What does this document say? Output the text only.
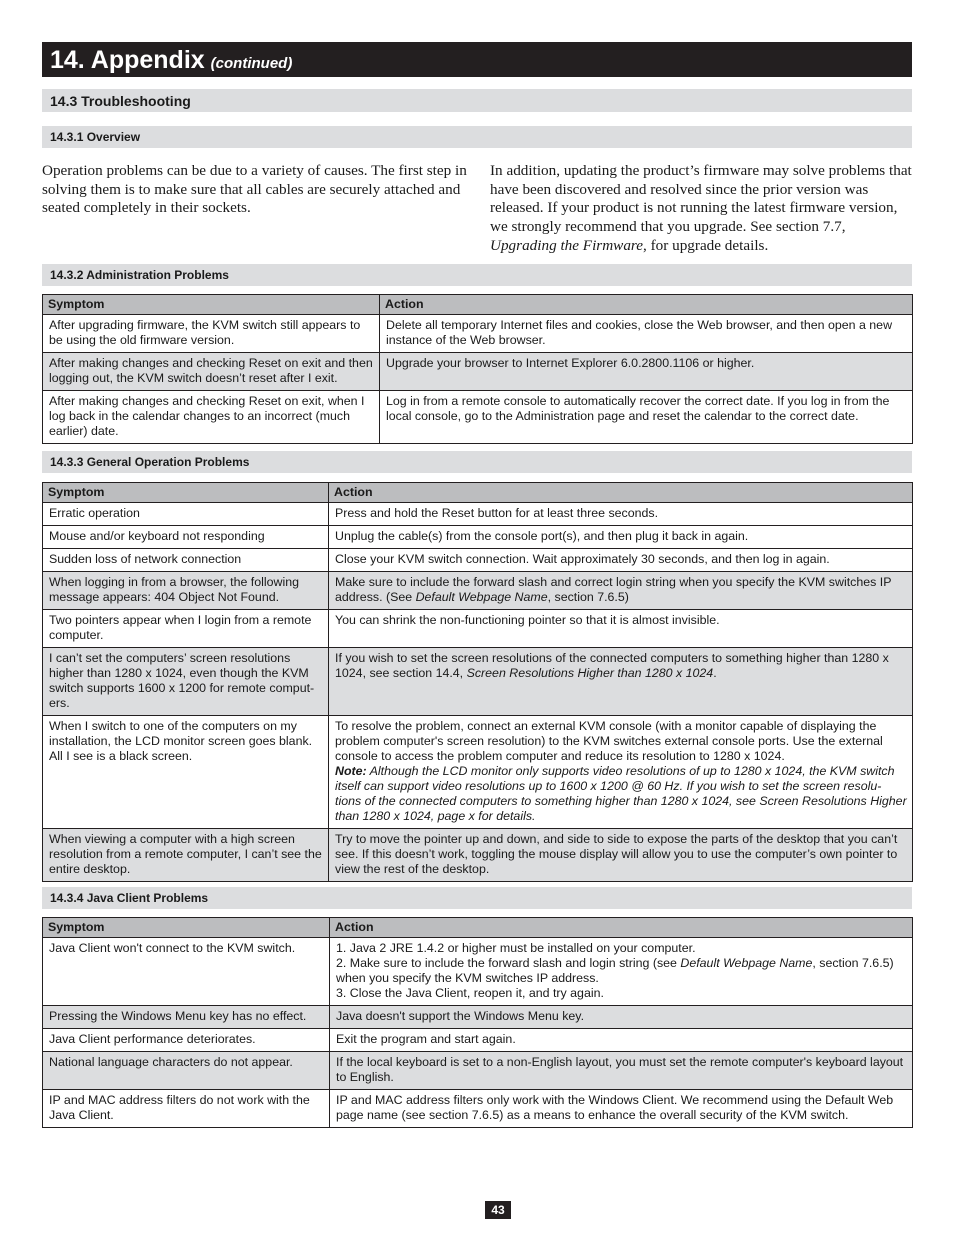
14. Appendix (continued)
14.3 Troubleshooting
14.3.1 Overview

Operation problems can be due to a variety of causes. The first step in solving them is to make sure that all cables are securely attached and seated completely in their sockets.

In addition, updating the product’s firmware may solve problems that have been discovered and resolved since the prior version was released. If your product is not running the latest firmware version, we strongly recommend that you upgrade. See section 7.7, Upgrading the Firmware, for upgrade details.

14.3.2 Administration Problems
Symptom	Action
After upgrading firmware, the KVM switch still appears to be using the old firmware version.	Delete all temporary Internet files and cookies, close the Web browser, and then open a new instance of the Web browser.
After making changes and checking Reset on exit and then logging out, the KVM switch doesn’t reset after I exit.	Upgrade your browser to Internet Explorer 6.0.2800.1106 or higher.
After making changes and checking Reset on exit, when I log back in the calendar changes to an incorrect (much earlier) date.	Log in from a remote console to automatically recover the correct date. If you log in from the local console, go to the Administration page and reset the calendar to the correct date.
14.3.3 General Operation Problems
Symptom	Action
Erratic operation	Press and hold the Reset button for at least three seconds.
Mouse and/or keyboard not responding	Unplug the cable(s) from the console port(s), and then plug it back in again.
Sudden loss of network connection	Close your KVM switch connection. Wait approximately 30 seconds, and then log in again.
When logging in from a browser, the following message appears: 404 Object Not Found.	Make sure to include the forward slash and correct login string when you specify the KVM switches IP address. (See Default Webpage Name, section 7.6.5)
Two pointers appear when I login from a remote computer.	You can shrink the non-functioning pointer so that it is almost invisible.
I can’t set the computers’ screen resolutions higher than 1280 x 1024, even though the KVM switch supports 1600 x 1200 for remote comput-ers.	If you wish to set the screen resolutions of the connected computers to something higher than 1280 x 1024, see section 14.4, Screen Resolutions Higher than 1280 x 1024.
When I switch to one of the computers on my installation, the LCD monitor screen goes blank. All I see is a black screen.	To resolve the problem, connect an external KVM console (with a monitor capable of displaying the problem computer's screen resolution) to the KVM switches external console ports. Use the external console to access the problem computer and reduce its resolution to 1280 x 1024.
Note: Although the LCD monitor only supports video resolutions of up to 1280 x 1024, the KVM switch itself can support video resolutions up to 1600 x 1200 @ 60 Hz. If you wish to set the screen resolu-tions of the connected computers to something higher than 1280 x 1024, see Screen Resolutions Higher than 1280 x 1024, page x for details.
When viewing a computer with a high screen resolution from a remote computer, I can’t see the entire desktop.	Try to move the pointer up and down, and side to side to expose the parts of the desktop that you can’t see. If this doesn’t work, toggling the mouse display will allow you to use the computer’s own pointer to view the rest of the desktop.
14.3.4 Java Client Problems
Symptom	Action
Java Client won't connect to the KVM switch.	1. Java 2 JRE 1.4.2 or higher must be installed on your computer.
2. Make sure to include the forward slash and login string (see Default Webpage Name, section 7.6.5) when you specify the KVM switches IP address.
3. Close the Java Client, reopen it, and try again.

Pressing the Windows Menu key has no effect.	Java doesn't support the Windows Menu key.
Java Client performance deteriorates.	Exit the program and start again.
National language characters do not appear.	If the local keyboard is set to a non-English layout, you must set the remote computer's keyboard layout to English.
IP and MAC address filters do not work with the Java Client.	IP and MAC address filters only work with the Windows Client. We recommend using the Default Web page name (see section 7.6.5) as a means to enhance the overall security of the KVM switch.
43
